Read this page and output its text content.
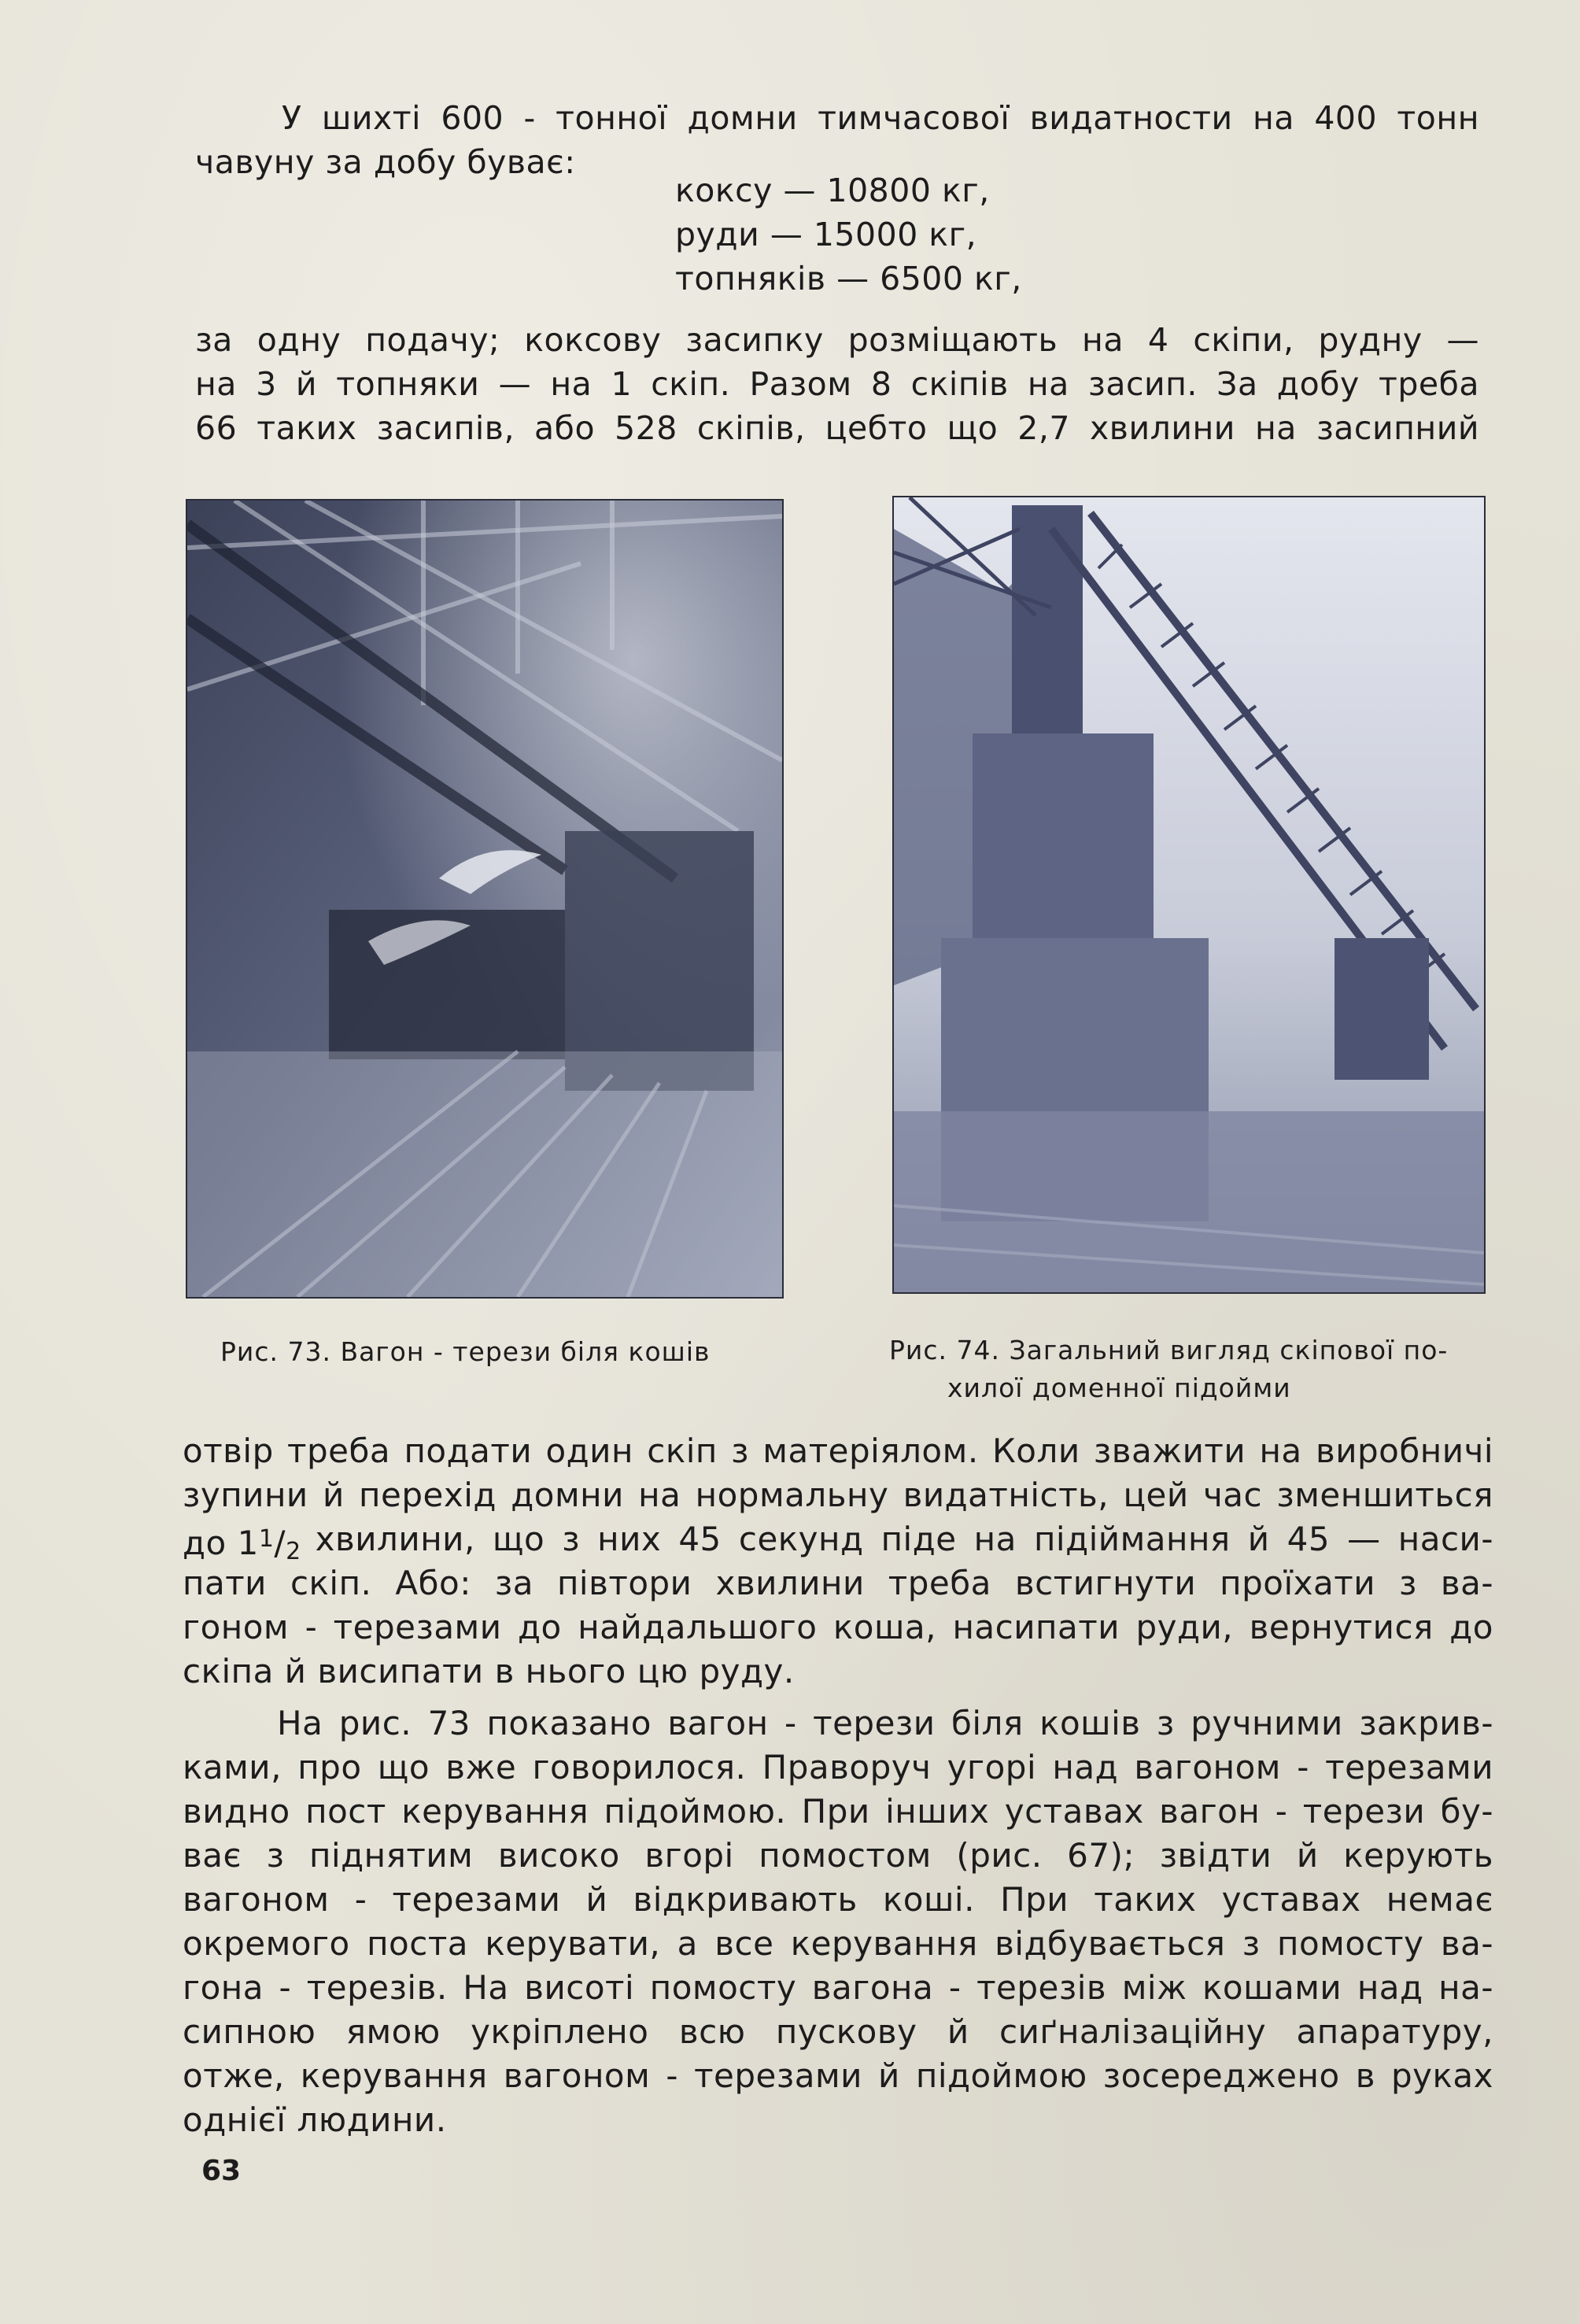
У шихті 600 - тонної домни тимчасової видатности на 400 тонн
чавуну за добу буває:
коксу — 10800 кг,
руди — 15000 кг,
топняків — 6500 кг,
за одну подачу; коксову засипку розміщають на 4 скіпи, рудну —
на 3 й топняки — на 1 скіп. Разом 8 скіпів на засип. За добу треба
66 таких засипів, або 528 скіпів, цебто що 2,7 хвилини на засипний
Рис. 73. Вагон - терези біля кошів	Рис. 74. Загальний вигляд скіпової по-
хилої доменної підойми
отвір треба подати один скіп з матеріялом. Коли зважити на виробничі
зупини й перехід домни на нормальну видатність, цей час зменшиться
до $1^1/2$ хвилини, що з них 45 секунд піде на підіймання й 45 — наси-
пати скіп. Або: за півтори хвилини треба встигнути проїхати з ва-
гоном - терезами до найдальшого коша, насипати руди, вернутися до
скіпа й висипати в нього цю руду.
На рис. 73 показано вагон - терези біля кошів з ручними закрив-
ками, про що вже говорилося. Праворуч угорі над вагоном - терезами
видно пост керування підоймою. При інших уставах вагон - терези бу-
ває з піднятим високо вгорі помостом (рис. 67); звідти й керують
вагоном - терезами й відкривають коші. При таких уставах немає
окремого поста керувати, а все керування відбувається з помосту ва-
гона - терезів. На висоті помосту вагона - терезів між кошами над на-
сипною ямою укріплено всю пускову й сиґналізаційну апаратуру,
отже, керування вагоном - терезами й підоймою зосереджено в руках
однієї людини.
63
